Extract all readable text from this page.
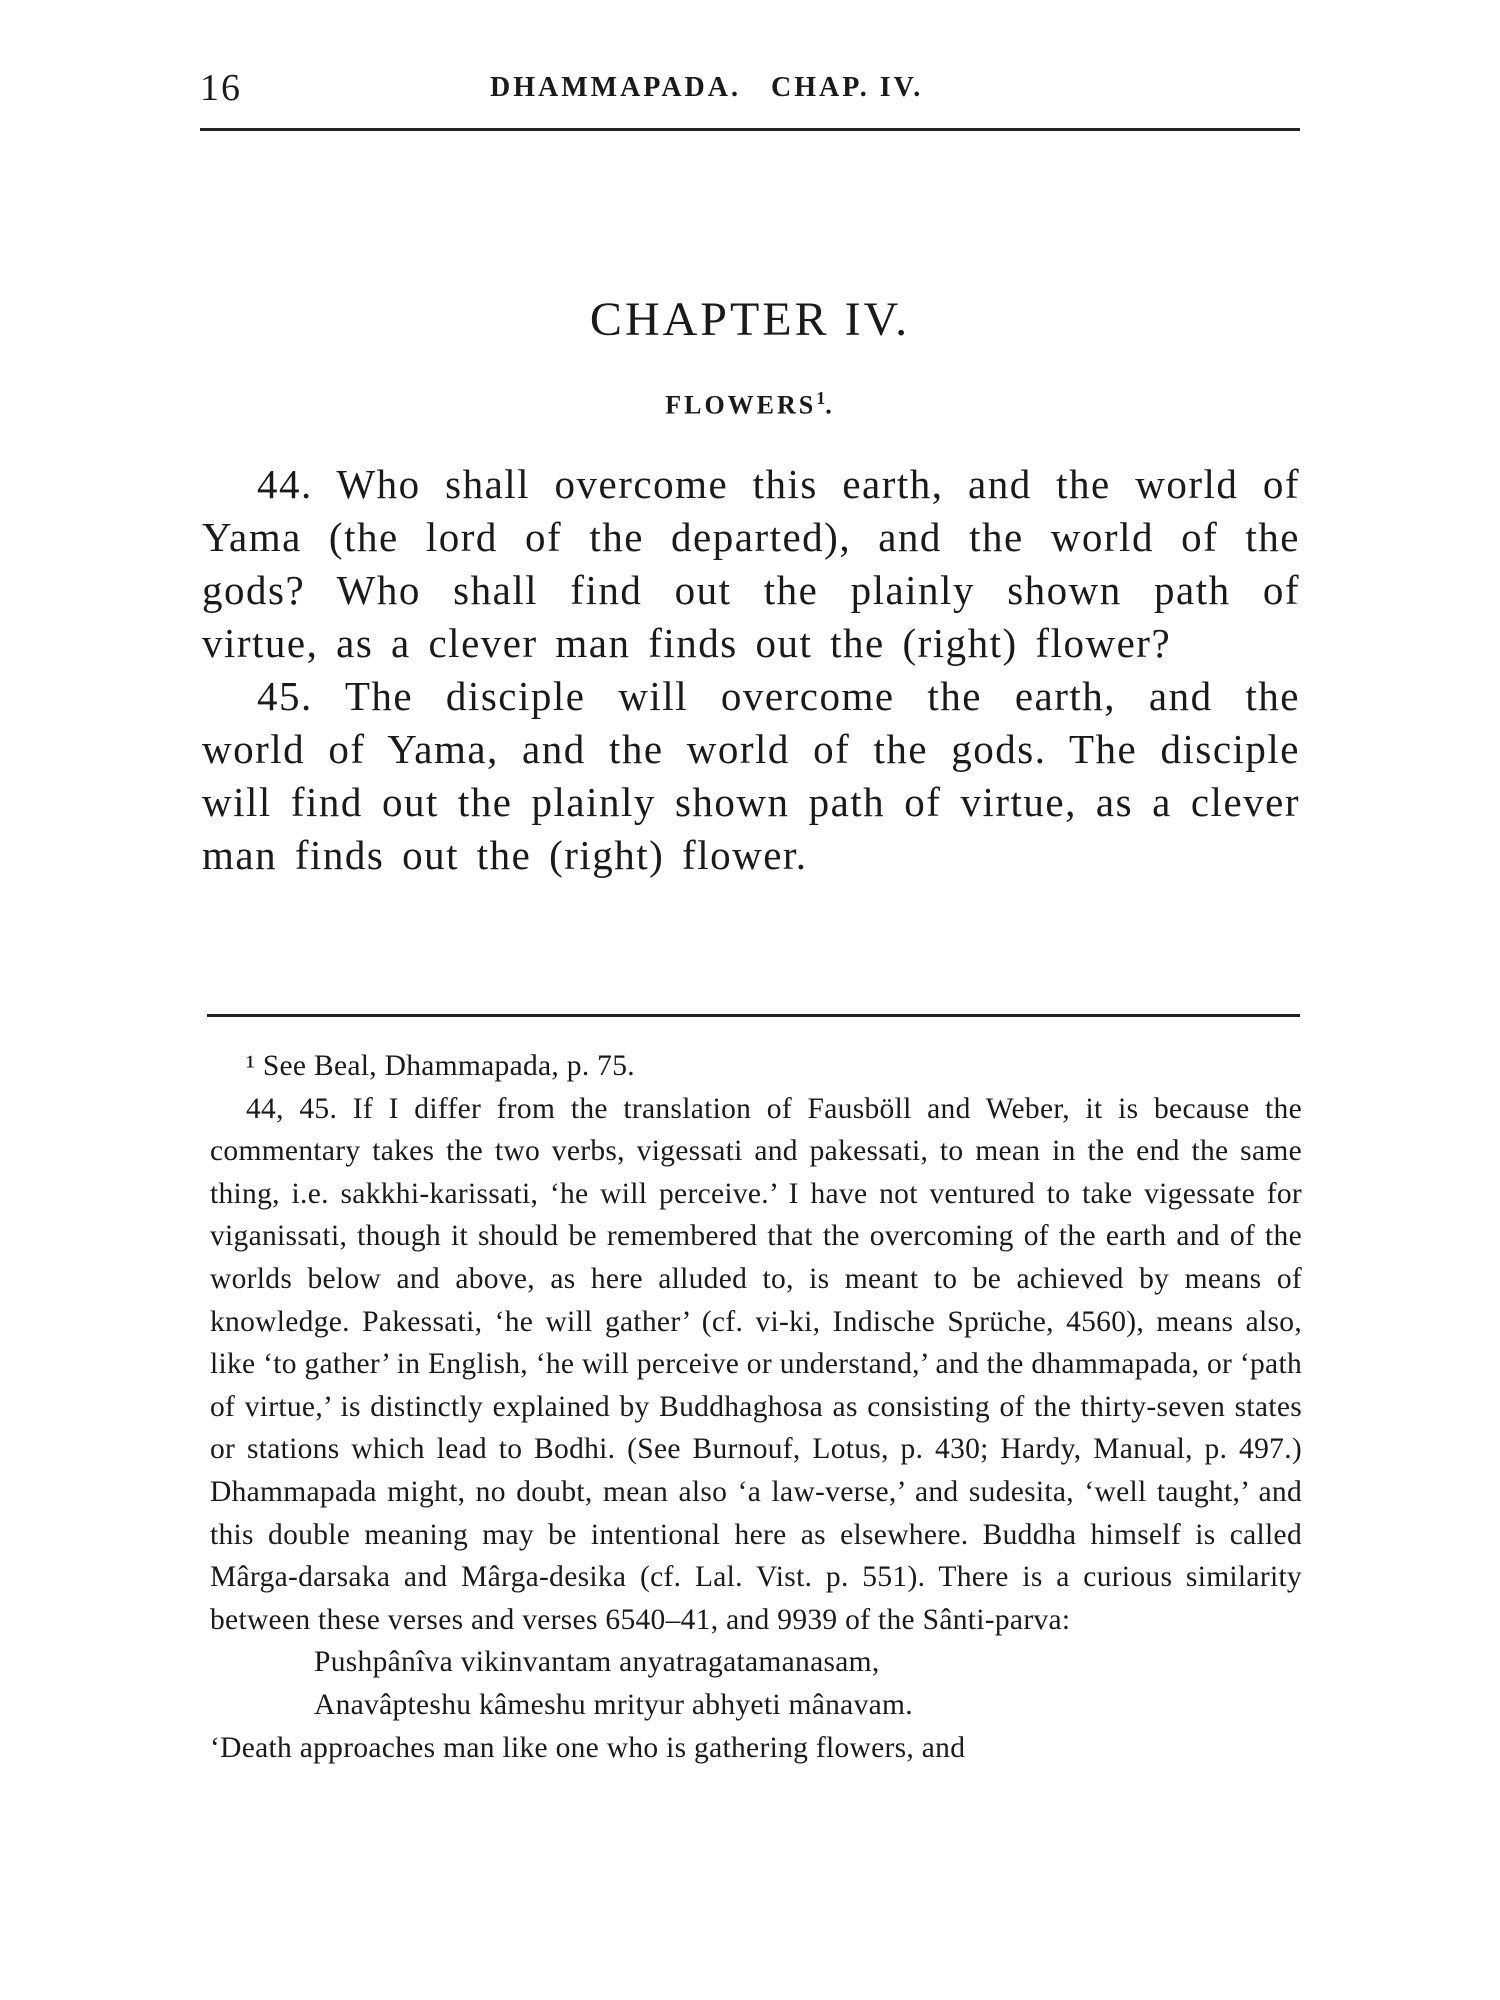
16	DHAMMAPADA.   CHAP. IV.
CHAPTER IV.
FLOWERS$^1$.

44. Who shall overcome this earth, and the world of Yama (the lord of the departed), and the world of the gods? Who shall find out the plainly shown path of virtue, as a clever man finds out the (right) flower?

45. The disciple will overcome the earth, and the world of Yama, and the world of the gods. The disciple will find out the plainly shown path of virtue, as a clever man finds out the (right) flower.

¹ See Beal, Dhammapada, p. 75.

44, 45. If I differ from the translation of Fausböll and Weber, it is because the commentary takes the two verbs, vigessati and pakessati, to mean in the end the same thing, i.e. sakkhi-karissati, ‘he will perceive.’ I have not ventured to take vigessate for viganissati, though it should be remembered that the overcoming of the earth and of the worlds below and above, as here alluded to, is meant to be achieved by means of knowledge. Pakessati, ‘he will gather’ (cf. vi-ki, Indische Sprüche, 4560), means also, like ‘to gather’ in English, ‘he will perceive or understand,’ and the dhammapada, or ‘path of virtue,’ is distinctly explained by Buddhaghosa as consisting of the thirty-seven states or stations which lead to Bodhi. (See Burnouf, Lotus, p. 430; Hardy, Manual, p. 497.) Dhammapada might, no doubt, mean also ‘a law-verse,’ and sudesita, ‘well taught,’ and this double meaning may be intentional here as elsewhere. Buddha himself is called Mârga-darsaka and Mârga-desika (cf. Lal. Vist. p. 551). There is a curious similarity between these verses and verses 6540–41, and 9939 of the Sânti-parva:

Pushpânîva vikinvantam anyatragatamanasam,

Anavâpteshu kâmeshu mrityur abhyeti mânavam.

‘Death approaches man like one who is gathering flowers, and
